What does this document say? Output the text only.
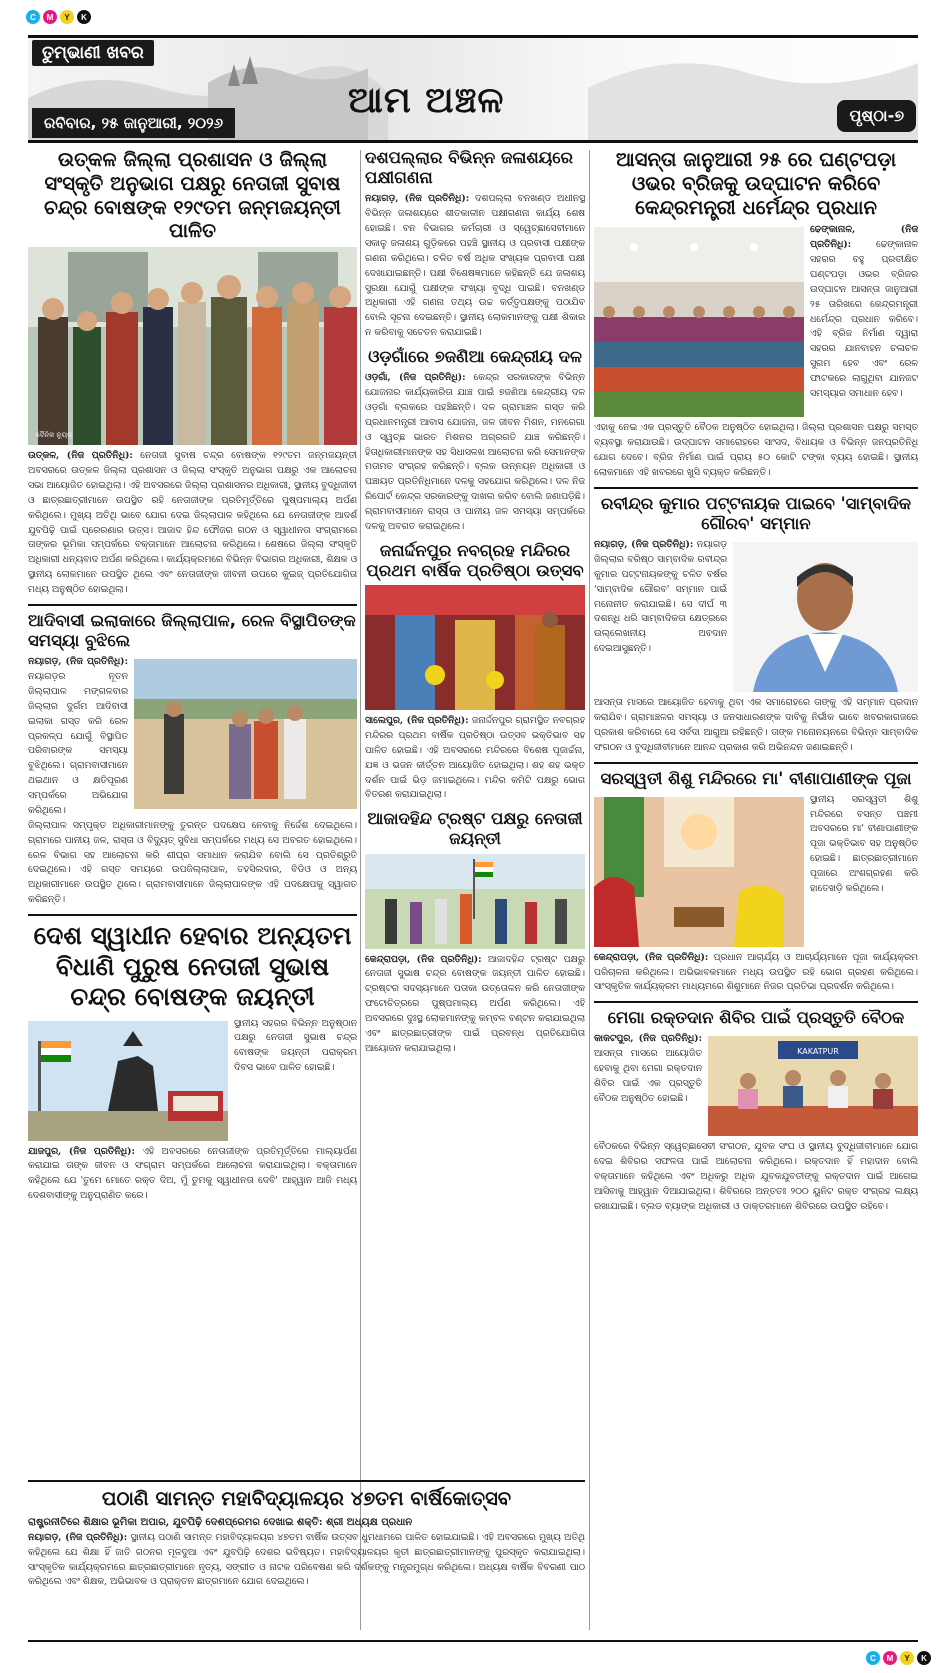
C	M	Y	K
C	M	Y	K
ତୁମ୍ଭାଣୀ ଖବର
ରବିବାର, ୨୫ ଜାନୁଆରୀ, ୨୦୨୬
ଆମ ଅଞ୍ଚଳ	ପୃଷ୍ଠା-୭
ଉତ୍କଳ ଜିଲ୍ଲା ପ୍ରଶାସନ ଓ ଜିଲ୍ଲା ସଂସ୍କୃତି ଅନୁଭାଗ ପକ୍ଷରୁ ନେତାଜୀ ସୁବାଷ ଚନ୍ଦ୍ର ବୋଷଙ୍କ ୧୨୯ତମ ଜନ୍ମଜୟନ୍ତୀ ପାଳିତ
ଦୈନିକ ନ୍ୟୁଜ୍
ଉତ୍କଳ, (ନିଜ ପ୍ରତିନିଧି): ନେତାଜୀ ସୁବାଷ ଚନ୍ଦ୍ର ବୋଷଙ୍କ ୧୨୯ତମ ଜନ୍ମଜୟନ୍ତୀ ଅବସରରେ ଉତ୍କଳ ଜିଲ୍ଲା ପ୍ରଶାସନ ଓ ଜିଲ୍ଲା ସଂସ୍କୃତି ଅନୁଭାଗ ପକ୍ଷରୁ ଏକ ଆଲୋଚନା ସଭା ଆୟୋଜିତ ହୋଇଥିଲା। ଏହି ଅବସରରେ ଜିଲ୍ଲା ପ୍ରଶାସନର ଅଧିକାରୀ, ସ୍ଥାନୀୟ ବୁଦ୍ଧିଜୀବୀ ଓ ଛାତ୍ରଛାତ୍ରୀମାନେ ଉପସ୍ଥିତ ରହି ନେତାଜୀଙ୍କ ପ୍ରତିମୂର୍ତ୍ତିରେ ପୁଷ୍ପମାଲ୍ୟ ଅର୍ପଣ କରିଥିଲେ। ମୁଖ୍ୟ ଅତିଥି ଭାବେ ଯୋଗ ଦେଇ ଜିଲ୍ଲାପାଳ କହିଥିଲେ ଯେ ନେତାଜୀଙ୍କ ଆଦର୍ଶ ଯୁବପିଢ଼ି ପାଇଁ ପ୍ରେରଣାର ଉତ୍ସ। ଆଜାଦ ହିନ୍ଦ ଫୌଜର ଗଠନ ଓ ସ୍ୱାଧୀନତା ସଂଗ୍ରାମରେ ତାଙ୍କର ଭୂମିକା ସମ୍ପର୍କରେ ବକ୍ତାମାନେ ଆଲୋଚନା କରିଥିଲେ। ଶେଷରେ ଜିଲ୍ଲା ସଂସ୍କୃତି ଅଧିକାରୀ ଧନ୍ୟବାଦ ଅର୍ପଣ କରିଥିଲେ। କାର୍ଯ୍ୟକ୍ରମରେ ବିଭିନ୍ନ ବିଭାଗର ଅଧିକାରୀ, ଶିକ୍ଷକ ଓ ସ୍ଥାନୀୟ ଲୋକମାନେ ଉପସ୍ଥିତ ଥିଲେ ଏବଂ ନେତାଜୀଙ୍କ ଜୀବନୀ ଉପରେ କୁଇଜ୍ ପ୍ରତିଯୋଗିତା ମଧ୍ୟ ଅନୁଷ୍ଠିତ ହୋଇଥିଲା।
ଆଦିବାସୀ ଇଲାକାରେ ଜିଲ୍ଲାପାଳ, ରେଳ ବିସ୍ଥାପିତଙ୍କ ସମସ୍ୟା ବୁଝିଲେ
ନୟାଗଡ଼, (ନିଜ ପ୍ରତିନିଧି): ନୟାଗଡ଼ର ନୂତନ ଜିଲ୍ଲାପାଳ ମଙ୍ଗଳବାର ଜିଲ୍ଲାର ଦୁର୍ଗମ ଆଦିବାସୀ ଇଲାକା ଗସ୍ତ କରି ରେଳ ପ୍ରକଳ୍ପ ଯୋଗୁଁ ବିସ୍ଥାପିତ ପରିବାରଙ୍କ ସମସ୍ୟା ବୁଝିଥିଲେ। ଗ୍ରାମବାସୀମାନେ ଥଇଥାନ ଓ କ୍ଷତିପୂରଣ ସମ୍ପର୍କରେ ଅଭିଯୋଗ କରିଥିଲେ।
ଜିଲ୍ଲାପାଳ ସମ୍ପୃକ୍ତ ଅଧିକାରୀମାନଙ୍କୁ ତୁରନ୍ତ ପଦକ୍ଷେପ ନେବାକୁ ନିର୍ଦ୍ଦେଶ ଦେଇଥିଲେ। ଗ୍ରାମରେ ପାନୀୟ ଜଳ, ରାସ୍ତା ଓ ବିଦ୍ୟୁତ୍ ସୁବିଧା ସମ୍ପର୍କରେ ମଧ୍ୟ ସେ ଅବଗତ ହୋଇଥିଲେ। ରେଳ ବିଭାଗ ସହ ଆଲୋଚନା କରି ଶୀଘ୍ର ସମାଧାନ କରାଯିବ ବୋଲି ସେ ପ୍ରତିଶ୍ରୁତି ଦେଇଥିଲେ। ଏହି ଗସ୍ତ ସମୟରେ ଉପଜିଲ୍ଲାପାଳ, ତହସିଲଦାର, ବିଡିଓ ଓ ଅନ୍ୟ ଅଧିକାରୀମାନେ ଉପସ୍ଥିତ ଥିଲେ। ଗ୍ରାମବାସୀମାନେ ଜିଲ୍ଲାପାଳଙ୍କ ଏହି ପଦକ୍ଷେପକୁ ସ୍ୱାଗତ କରିଛନ୍ତି।
ଦେଶ ସ୍ୱାଧୀନ ହେବାର ଅନ୍ୟତମ ବିଧାଣି ପୁରୁଷ ନେତାଜୀ ସୁଭାଷ ଚନ୍ଦ୍ର ବୋଷଙ୍କ ଜୟନ୍ତୀ
ସ୍ଥାନୀୟ ସହରର ବିଭିନ୍ନ ଅନୁଷ୍ଠାନ ପକ୍ଷରୁ ନେତାଜୀ ସୁଭାଷ ଚନ୍ଦ୍ର ବୋଷଙ୍କ ଜୟନ୍ତୀ ପରାକ୍ରମ ଦିବସ ଭାବେ ପାଳିତ ହୋଇଛି।
ଯାଜପୁର, (ନିଜ ପ୍ରତିନିଧି): ଏହି ଅବସରରେ ନେତାଜୀଙ୍କ ପ୍ରତିମୂର୍ତ୍ତିରେ ମାଲ୍ୟାର୍ପଣ କରାଯାଇ ତାଙ୍କ ଜୀବନ ଓ ସଂଗ୍ରାମ ସମ୍ପର୍କରେ ଆଲୋଚନା କରାଯାଇଥିଲା। ବକ୍ତାମାନେ କହିଥିଲେ ଯେ 'ତୁମେ ମୋତେ ରକ୍ତ ଦିଅ, ମୁଁ ତୁମକୁ ସ୍ୱାଧୀନତା ଦେବି' ଆହ୍ୱାନ ଆଜି ମଧ୍ୟ ଦେଶବାସୀଙ୍କୁ ଅନୁପ୍ରାଣିତ କରେ।
ପଠାଣି ସାମନ୍ତ ମହାବିଦ୍ୟାଳୟର ୪୭ତମ ବାର୍ଷିକୋତ୍ସବ
ରାଷ୍ଟ୍ରନୀତିରେ ଶିକ୍ଷାର ଭୂମିକା ଅପାର, ଯୁବପିଢ଼ି ଦେଶପ୍ରେମର ଦେଖାଇ ଶକ୍ତି: ଶ୍ରୀ ଅଧ୍ୟକ୍ଷ ପ୍ରଧାନ
ନୟାଗଡ଼, (ନିଜ ପ୍ରତିନିଧି): ସ୍ଥାନୀୟ ପଠାଣି ସାମନ୍ତ ମହାବିଦ୍ୟାଳୟର ୪୭ତମ ବାର୍ଷିକ ଉତ୍ସବ ଧୁମଧାମରେ ପାଳିତ ହୋଇଯାଇଛି। ଏହି ଅବସରରେ ମୁଖ୍ୟ ଅତିଥି କହିଥିଲେ ଯେ ଶିକ୍ଷା ହିଁ ଜାତି ଗଠନର ମୂଳଦୁଆ ଏବଂ ଯୁବପିଢ଼ି ଦେଶର ଭବିଷ୍ୟତ। ମହାବିଦ୍ୟାଳୟର କୃତୀ ଛାତ୍ରଛାତ୍ରୀମାନଙ୍କୁ ପୁରସ୍କୃତ କରାଯାଇଥିଲା। ସାଂସ୍କୃତିକ କାର୍ଯ୍ୟକ୍ରମରେ ଛାତ୍ରଛାତ୍ରୀମାନେ ନୃତ୍ୟ, ସଙ୍ଗୀତ ଓ ନାଟକ ପରିବେଷଣ କରି ଦର୍ଶକଙ୍କୁ ମନ୍ତ୍ରମୁଗ୍ଧ କରିଥିଲେ। ଅଧ୍ୟକ୍ଷ ବାର୍ଷିକ ବିବରଣୀ ପାଠ କରିଥିଲେ ଏବଂ ଶିକ୍ଷକ, ଅଭିଭାବକ ଓ ପ୍ରାକ୍ତନ ଛାତ୍ରମାନେ ଯୋଗ ଦେଇଥିଲେ।
ଦଶପଲ୍ଲାର ବିଭିନ୍ନ ଜଳାଶୟରେ ପକ୍ଷୀଗଣନା
ନୟାଗଡ଼, (ନିଜ ପ୍ରତିନିଧି): ଦଶପଲ୍ଲା ବନଖଣ୍ଡ ଅଧୀନସ୍ଥ ବିଭିନ୍ନ ଜଳାଶୟରେ ଶୀତକାଳୀନ ପକ୍ଷୀଗଣନା କାର୍ଯ୍ୟ ଶେଷ ହୋଇଛି। ବନ ବିଭାଗର କର୍ମଚାରୀ ଓ ସ୍ୱେଚ୍ଛାସେବୀମାନେ ସକାଳୁ ଜଳାଶୟ ଗୁଡ଼ିକରେ ପହଞ୍ଚି ସ୍ଥାନୀୟ ଓ ପ୍ରବାସୀ ପକ୍ଷୀଙ୍କ ଗଣନା କରିଥିଲେ। ଚଳିତ ବର୍ଷ ଅଧିକ ସଂଖ୍ୟକ ପ୍ରବାସୀ ପକ୍ଷୀ ଦେଖାଯାଇଛନ୍ତି। ପକ୍ଷୀ ବିଶେଷଜ୍ଞମାନେ କହିଛନ୍ତି ଯେ ଜଳାଶୟ ସୁରକ୍ଷା ଯୋଗୁଁ ପକ୍ଷୀଙ୍କ ସଂଖ୍ୟା ବୃଦ୍ଧି ପାଇଛି। ବନଖଣ୍ଡ ଅଧିକାରୀ ଏହି ଗଣନା ତଥ୍ୟ ଉଚ୍ଚ କର୍ତ୍ତୃପକ୍ଷଙ୍କୁ ପଠାଯିବ ବୋଲି ସୂଚନା ଦେଇଛନ୍ତି। ସ୍ଥାନୀୟ ଲୋକମାନଙ୍କୁ ପକ୍ଷୀ ଶିକାର ନ କରିବାକୁ ସଚେତନ କରାଯାଇଛି।
ଓଡ଼ଗାଁରେ ୭ଜଣିଆ କେନ୍ଦ୍ରୀୟ ଦଳ
ଓଡ଼ଗାଁ, (ନିଜ ପ୍ରତିନିଧି): କେନ୍ଦ୍ର ସରକାରଙ୍କ ବିଭିନ୍ନ ଯୋଜନାର କାର୍ଯ୍ୟକାରିତା ଯାଞ୍ଚ ପାଇଁ ୭ଜଣିଆ କେନ୍ଦ୍ରୀୟ ଦଳ ଓଡ଼ଗାଁ ବ୍ଲକରେ ପହଞ୍ଚିଛନ୍ତି। ଦଳ ଗ୍ରାମାଞ୍ଚଳ ଗସ୍ତ କରି ପ୍ରଧାନମନ୍ତ୍ରୀ ଆବାସ ଯୋଜନା, ଜଳ ଜୀବନ ମିଶନ, ମନରେଗା ଓ ସ୍ୱଚ୍ଛ ଭାରତ ମିଶନର ଅଗ୍ରଗତି ଯାଞ୍ଚ କରିଛନ୍ତି। ହିତାଧିକାରୀମାନଙ୍କ ସହ ସିଧାସଳଖ ଆଲୋଚନା କରି ସେମାନଙ୍କ ମତାମତ ସଂଗ୍ରହ କରିଛନ୍ତି। ବ୍ଲକ ଉନ୍ନୟନ ଅଧିକାରୀ ଓ ପଞ୍ଚାୟତ ପ୍ରତିନିଧିମାନେ ଦଳକୁ ସହଯୋଗ କରିଥିଲେ। ଦଳ ନିଜ ରିପୋର୍ଟ କେନ୍ଦ୍ର ସରକାରଙ୍କୁ ଦାଖଲ କରିବ ବୋଲି ଜଣାପଡ଼ିଛି। ଗ୍ରାମବାସୀମାନେ ରାସ୍ତା ଓ ପାନୀୟ ଜଳ ସମସ୍ୟା ସମ୍ପର୍କରେ ଦଳକୁ ଅବଗତ କରାଇଥିଲେ।
ଜନାର୍ଦ୍ଦନପୁର ନବଗ୍ରହ ମନ୍ଦିରର ପ୍ରଥମ ବାର୍ଷିକ ପ୍ରତିଷ୍ଠା ଉତ୍ସବ
ସାଲେପୁର, (ନିଜ ପ୍ରତିନିଧି): ଜନାର୍ଦ୍ଦନପୁର ଗ୍ରାମସ୍ଥିତ ନବଗ୍ରହ ମନ୍ଦିରର ପ୍ରଥମ ବାର୍ଷିକ ପ୍ରତିଷ୍ଠା ଉତ୍ସବ ଭକ୍ତିଭାବ ସହ ପାଳିତ ହୋଇଛି। ଏହି ଅବସରରେ ମନ୍ଦିରରେ ବିଶେଷ ପୂଜାର୍ଚ୍ଚନା, ଯଜ୍ଞ ଓ ଭଜନ କୀର୍ତ୍ତନ ଆୟୋଜିତ ହୋଇଥିଲା। ଶହ ଶହ ଭକ୍ତ ଦର୍ଶନ ପାଇଁ ଭିଡ଼ ଜମାଇଥିଲେ। ମନ୍ଦିର କମିଟି ପକ୍ଷରୁ ଭୋଗ ବିତରଣ କରାଯାଇଥିଲା।
ଆଜାଦହିନ୍ଦ ଟ୍ରଷ୍ଟ ପକ୍ଷରୁ ନେତାଜୀ ଜୟନ୍ତୀ
କେନ୍ଦ୍ରାପଡ଼ା, (ନିଜ ପ୍ରତିନିଧି): ଆଜାଦହିନ୍ଦ ଟ୍ରଷ୍ଟ ପକ୍ଷରୁ ନେତାଜୀ ସୁଭାଷ ଚନ୍ଦ୍ର ବୋଷଙ୍କ ଜୟନ୍ତୀ ପାଳିତ ହୋଇଛି। ଟ୍ରଷ୍ଟର ସଦସ୍ୟମାନେ ପତାକା ଉତ୍ତୋଳନ କରି ନେତାଜୀଙ୍କ ଫଟୋଚିତ୍ରରେ ପୁଷ୍ପମାଲ୍ୟ ଅର୍ପଣ କରିଥିଲେ। ଏହି ଅବସରରେ ଦୁଃସ୍ଥ ଲୋକମାନଙ୍କୁ କମ୍ବଳ ବଣ୍ଟନ କରାଯାଇଥିଲା ଏବଂ ଛାତ୍ରଛାତ୍ରୀଙ୍କ ପାଇଁ ପ୍ରବନ୍ଧ ପ୍ରତିଯୋଗିତା ଆୟୋଜନ କରାଯାଇଥିଲା।
ଆସନ୍ତା ଜାନୁଆରୀ ୨୫ ରେ ଘଣ୍ଟପଡ଼ା ଓଭର ବ୍ରିଜକୁ ଉଦ୍‌ଘାଟନ କରିବେ କେନ୍ଦ୍ରମନ୍ତ୍ରୀ ଧର୍ମେନ୍ଦ୍ର ପ୍ରଧାନ
ଢେଙ୍କାନାଳ, (ନିଜ ପ୍ରତିନିଧି):	ଢେଙ୍କାନାଳ ସହରର ବହୁ ପ୍ରତୀକ୍ଷିତ ଘଣ୍ଟପଡ଼ା ଓଭର ବ୍ରିଜର ଉଦ୍‌ଘାଟନ ଆସନ୍ତା ଜାନୁଆରୀ ୨୫ ତାରିଖରେ କେନ୍ଦ୍ରମନ୍ତ୍ରୀ ଧର୍ମେନ୍ଦ୍ର ପ୍ରଧାନ କରିବେ। ଏହି ବ୍ରିଜ ନିର୍ମାଣ ଦ୍ୱାରା ସହରର ଯାନବାହନ ଚଳାଚଳ ସୁଗମ ହେବ ଏବଂ ରେଳ ଫାଟକରେ ଲାଗୁଥିବା ଯାନଜଟ ସମସ୍ୟାର ସମାଧାନ ହେବ।
ଏହାକୁ ନେଇ ଏକ ପ୍ରସ୍ତୁତି ବୈଠକ ଅନୁଷ୍ଠିତ ହୋଇଥିଲା। ଜିଲ୍ଲା ପ୍ରଶାସନ ପକ୍ଷରୁ ସମସ୍ତ ବ୍ୟବସ୍ଥା କରାଯାଉଛି। ଉଦ୍‌ଘାଟନ ସମାରୋହରେ ସାଂସଦ, ବିଧାୟକ ଓ ବିଭିନ୍ନ ଜନପ୍ରତିନିଧି ଯୋଗ ଦେବେ। ବ୍ରିଜ ନିର୍ମାଣ ପାଇଁ ପ୍ରାୟ ୫୦ କୋଟି ଟଙ୍କା ବ୍ୟୟ ହୋଇଛି। ସ୍ଥାନୀୟ ଲୋକମାନେ ଏହି ଖବରରେ ଖୁସି ବ୍ୟକ୍ତ କରିଛନ୍ତି।
ରବୀନ୍ଦ୍ର କୁମାର ପଟ୍ଟନାୟକ ପାଇବେ 'ସାମ୍ବାଦିକ ଗୌରବ' ସମ୍ମାନ
ନୟାଗଡ଼, (ନିଜ ପ୍ରତିନିଧି): ନୟାଗଡ଼ ଜିଲ୍ଲାର ବରିଷ୍ଠ ସାମ୍ବାଦିକ ରବୀନ୍ଦ୍ର କୁମାର ପଟ୍ଟନାୟକଙ୍କୁ ଚଳିତ ବର୍ଷର 'ସାମ୍ବାଦିକ ଗୌରବ' ସମ୍ମାନ ପାଇଁ ମନୋନୀତ କରାଯାଇଛି। ସେ ଦୀର୍ଘ ୩ ଦଶନ୍ଧି ଧରି ସାମ୍ବାଦିକତା କ୍ଷେତ୍ରରେ ଉଲ୍ଲେଖନୀୟ ଅବଦାନ ଦେଇଆସୁଛନ୍ତି।
ଆସନ୍ତା ମାସରେ ଆୟୋଜିତ ହେବାକୁ ଥିବା ଏକ ସମାରୋହରେ ତାଙ୍କୁ ଏହି ସମ୍ମାନ ପ୍ରଦାନ କରାଯିବ। ଗ୍ରାମାଞ୍ଚଳର ସମସ୍ୟା ଓ ଜନସାଧାରଣଙ୍କ ଦାବିକୁ ନିର୍ଭୀକ ଭାବେ ଖବରକାଗଜରେ ପ୍ରକାଶ କରିବାରେ ସେ ସର୍ବଦା ଆଗୁଆ ରହିଛନ୍ତି। ତାଙ୍କ ମନୋନୟନରେ ବିଭିନ୍ନ ସାମ୍ବାଦିକ ସଂଗଠନ ଓ ବୁଦ୍ଧିଜୀବୀମାନେ ଆନନ୍ଦ ପ୍ରକାଶ କରି ଅଭିନନ୍ଦନ ଜଣାଇଛନ୍ତି।
ସରସ୍ୱତୀ ଶିଶୁ ମନ୍ଦିରରେ ମା' ବୀଣାପାଣୀଙ୍କ ପୂଜା
ସ୍ଥାନୀୟ ସରସ୍ୱତୀ ଶିଶୁ ମନ୍ଦିରରେ ବସନ୍ତ ପଞ୍ଚମୀ ଅବସରରେ ମା' ବୀଣାପାଣୀଙ୍କ ପୂଜା ଭକ୍ତିଭାବ ସହ ଅନୁଷ୍ଠିତ ହୋଇଛି। ଛାତ୍ରଛାତ୍ରୀମାନେ ପୂଜାରେ ଅଂଶଗ୍ରହଣ କରି ହାତେଖଡ଼ି କରିଥିଲେ।
କେନ୍ଦ୍ରାପଡ଼ା, (ନିଜ ପ୍ରତିନିଧି): ପ୍ରଧାନ ଆଚାର୍ଯ୍ୟ ଓ ଆଚାର୍ଯ୍ୟମାନେ ପୂଜା କାର୍ଯ୍ୟକ୍ରମ ପରିଚାଳନା କରିଥିଲେ। ଅଭିଭାବକମାନେ ମଧ୍ୟ ଉପସ୍ଥିତ ରହି ଭୋଗ ଗ୍ରହଣ କରିଥିଲେ। ସାଂସ୍କୃତିକ କାର୍ଯ୍ୟକ୍ରମ ମାଧ୍ୟମରେ ଶିଶୁମାନେ ନିଜର ପ୍ରତିଭା ପ୍ରଦର୍ଶନ କରିଥିଲେ।
ମେଗା ରକ୍ତଦାନ ଶିବିର ପାଇଁ ପ୍ରସ୍ତୁତି ବୈଠକ
କାକଟପୁର, (ନିଜ ପ୍ରତିନିଧି): ଆସନ୍ତା ମାସରେ ଆୟୋଜିତ ହେବାକୁ ଥିବା ମେଗା ରକ୍ତଦାନ ଶିବିର ପାଇଁ ଏକ ପ୍ରସ୍ତୁତି ବୈଠକ ଅନୁଷ୍ଠିତ ହୋଇଛି।
KAKATPUR
ବୈଠକରେ ବିଭିନ୍ନ ସ୍ୱେଚ୍ଛାସେବୀ ସଂଗଠନ, ଯୁବକ ସଂଘ ଓ ସ୍ଥାନୀୟ ବୁଦ୍ଧିଜୀବୀମାନେ ଯୋଗ ଦେଇ ଶିବିରର ସଫଳତା ପାଇଁ ଆଲୋଚନା କରିଥିଲେ। ରକ୍ତଦାନ ହିଁ ମହାଦାନ ବୋଲି ବକ୍ତାମାନେ କହିଥିଲେ ଏବଂ ଅଧିକରୁ ଅଧିକ ଯୁବକଯୁବତୀଙ୍କୁ ରକ୍ତଦାନ ପାଇଁ ଆଗେଇ ଆସିବାକୁ ଆହ୍ୱାନ ଦିଆଯାଇଥିଲା। ଶିବିରରେ ଅନ୍ତତଃ ୨୦୦ ୟୁନିଟ ରକ୍ତ ସଂଗ୍ରହ ଲକ୍ଷ୍ୟ ରଖାଯାଇଛି। ବ୍ଲଡ ବ୍ୟାଙ୍କ ଅଧିକାରୀ ଓ ଡାକ୍ତରମାନେ ଶିବିରରେ ଉପସ୍ଥିତ ରହିବେ।
